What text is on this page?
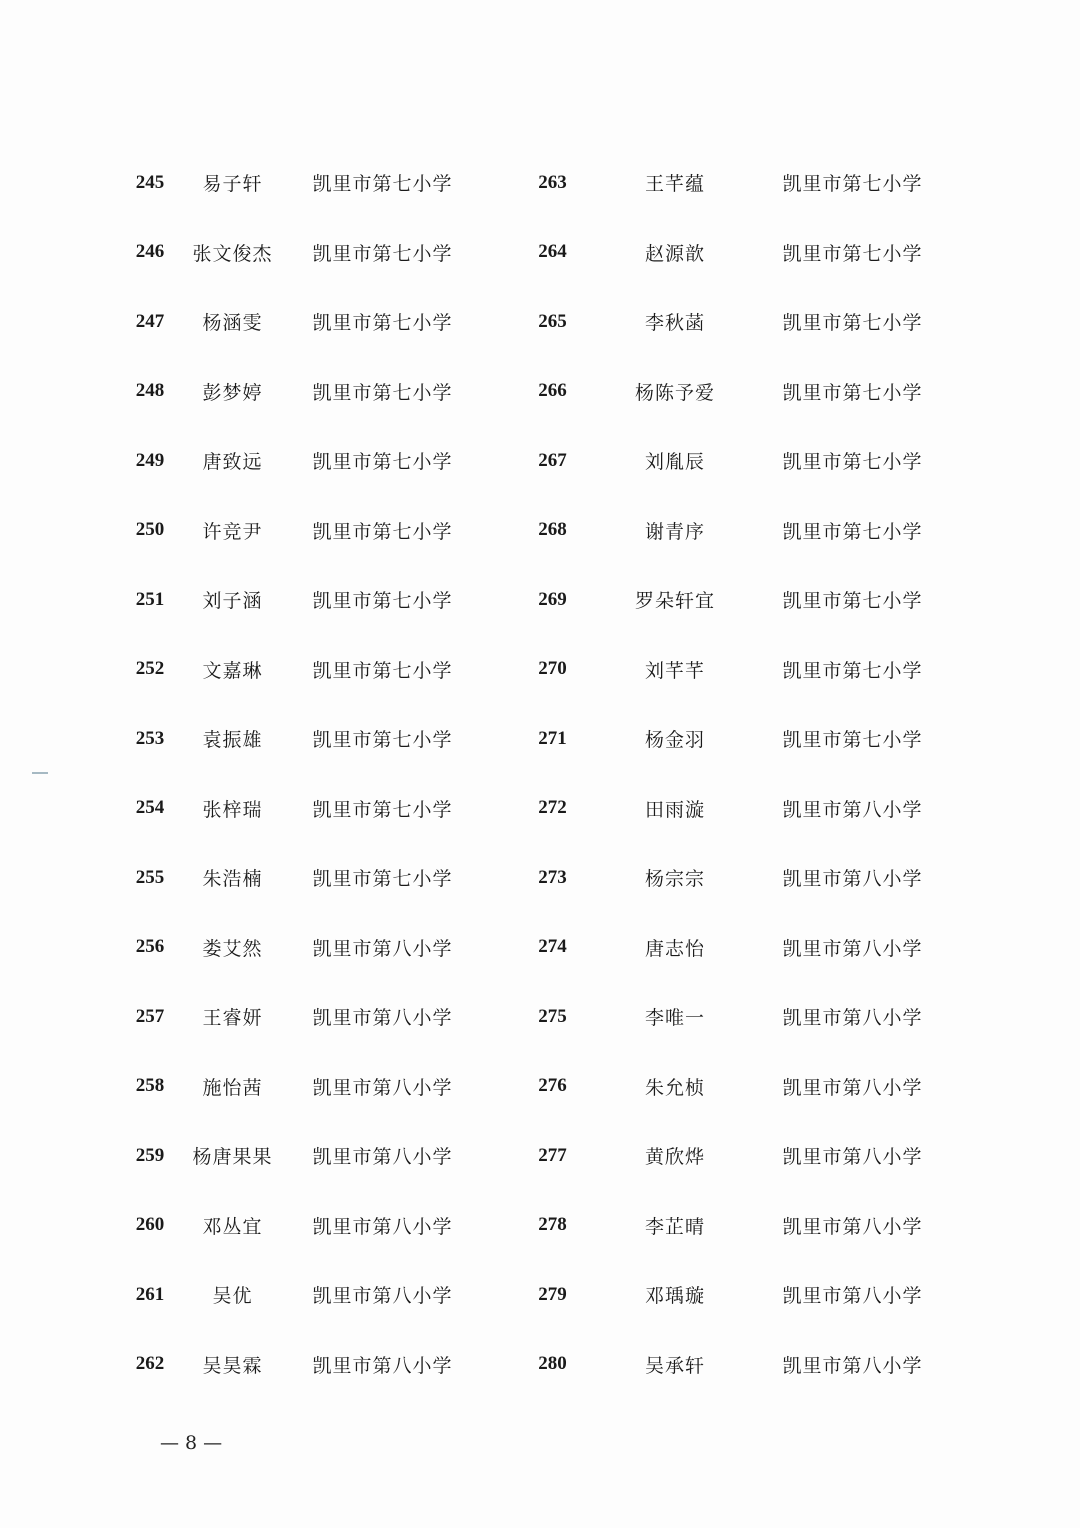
245	易子轩	凯里市第七小学
246	张文俊杰	凯里市第七小学
247	杨涵雯	凯里市第七小学
248	彭梦婷	凯里市第七小学
249	唐致远	凯里市第七小学
250	许竞尹	凯里市第七小学
251	刘子涵	凯里市第七小学
252	文嘉琳	凯里市第七小学
253	袁振雄	凯里市第七小学
254	张梓瑞	凯里市第七小学
255	朱浩楠	凯里市第七小学
256	娄艾然	凯里市第八小学
257	王睿妍	凯里市第八小学
258	施怡茜	凯里市第八小学
259	杨唐果果	凯里市第八小学
260	邓丛宜	凯里市第八小学
261	吴优	凯里市第八小学
262	吴昊霖	凯里市第八小学
263	王芊蕴	凯里市第七小学
264	赵源歆	凯里市第七小学
265	李秋菡	凯里市第七小学
266	杨陈予爱	凯里市第七小学
267	刘胤辰	凯里市第七小学
268	谢青序	凯里市第七小学
269	罗朵轩宜	凯里市第七小学
270	刘芊芊	凯里市第七小学
271	杨金羽	凯里市第七小学
272	田雨漩	凯里市第八小学
273	杨宗宗	凯里市第八小学
274	唐志怡	凯里市第八小学
275	李唯一	凯里市第八小学
276	朱允桢	凯里市第八小学
277	黄欣烨	凯里市第八小学
278	李芷晴	凯里市第八小学
279	邓瑀璇	凯里市第八小学
280	吴承轩	凯里市第八小学
— 8 —
